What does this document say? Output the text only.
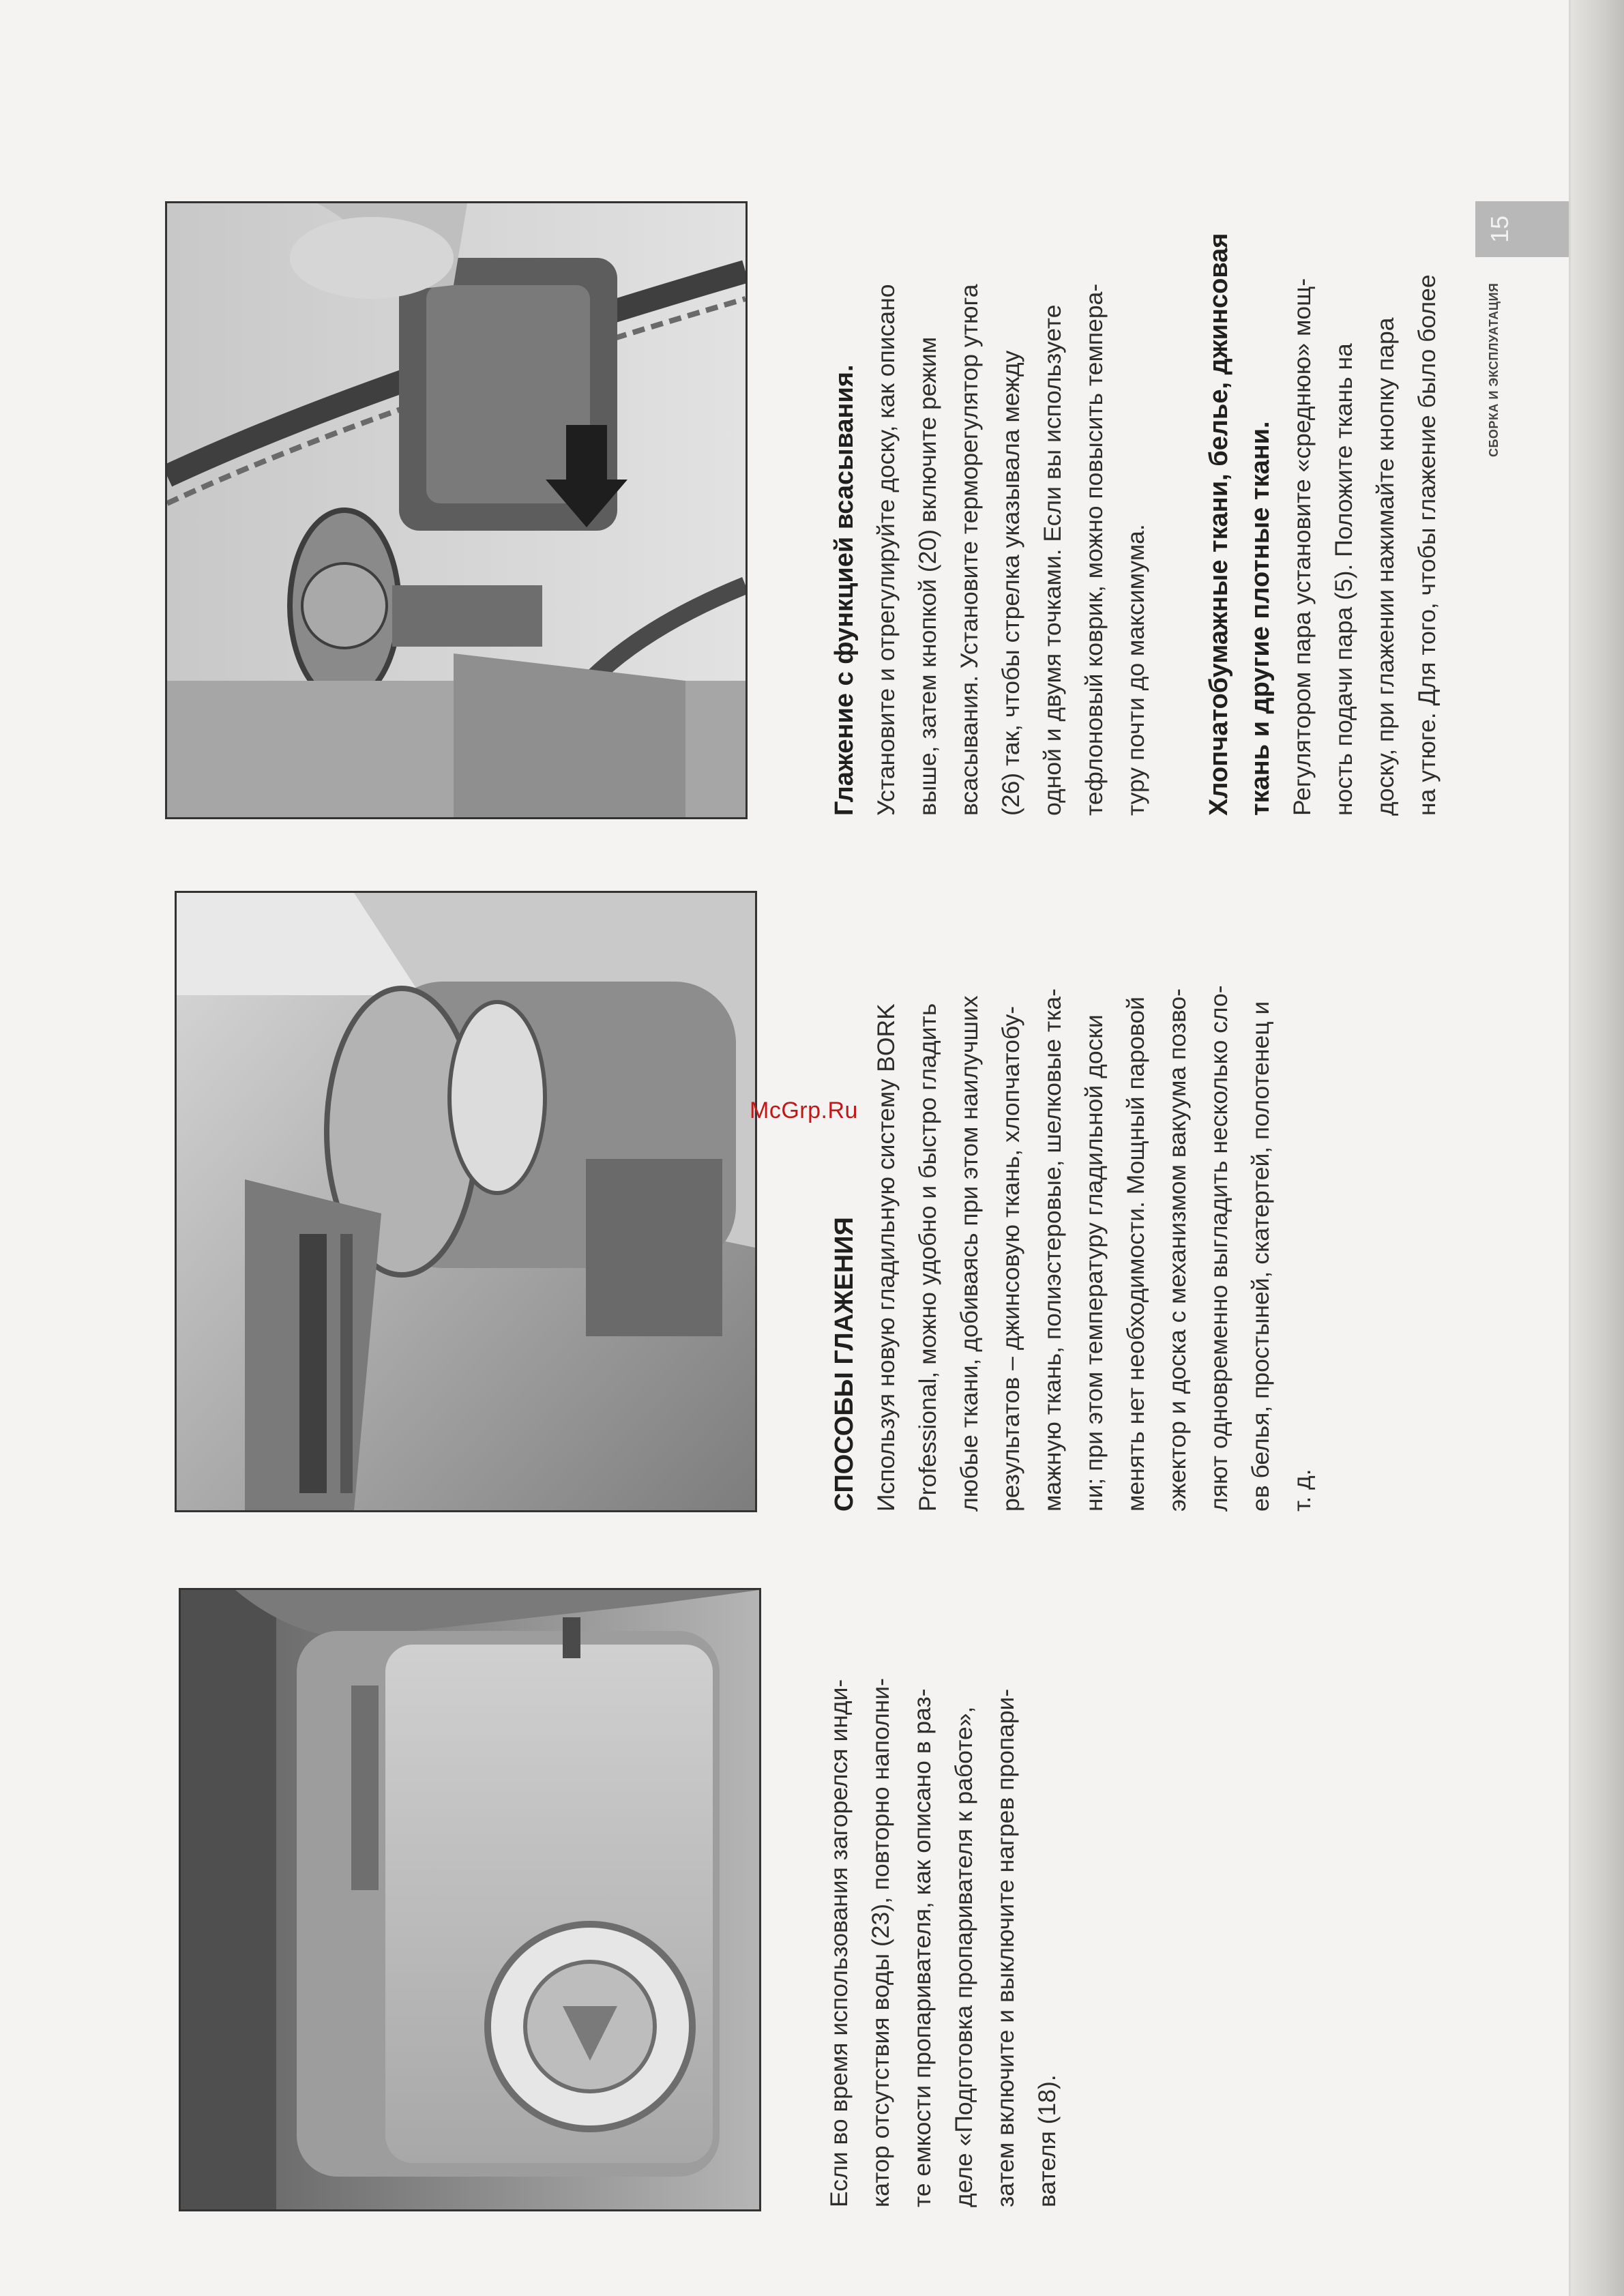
Если во время использования загорелся инди- катор отсутствия воды (23), повторно наполни- те емкости пропаривателя, как описано в раз- деле «Подготовка пропаривателя к работе», затем включите и выключите нагрев пропари- вателя (18).

СПОСОБЫ ГЛАЖЕНИЯ Используя новую гладильную систему BORK Professional, можно удобно и быстро гладить любые ткани, добиваясь при этом наилучших результатов – джинсовую ткань, хлопчатобу- мажную ткань, полиэстеровые, шелковые тка- ни; при этом температуру гладильной доски менять нет необходимости. Мощный паровой эжектор и доска с механизмом вакуума позво- ляют одновременно выгладить несколько сло- ев белья, простыней, скатертей, полотенец и т. д.

Глажение с функцией всасывания. Установите и отрегулируйте доску, как описано выше, затем кнопкой (20) включите режим всасывания. Установите терморегулятор утюга (26) так, чтобы стрелка указывала между одной и двумя точками. Если вы используете тефлоновый коврик, можно повысить темпера- туру почти до максимума. Хлопчатобумажные ткани, белье, джинсовая ткань и другие плотные ткани. Регулятором пара установите «среднюю» мощ- ность подачи пара (5). Положите ткань на доску, при глажении нажимайте кнопку пара на утюге. Для того, чтобы глажение было более

15
СБОРКА И ЭКСПЛУАТАЦИЯ
McGrp.Ru
